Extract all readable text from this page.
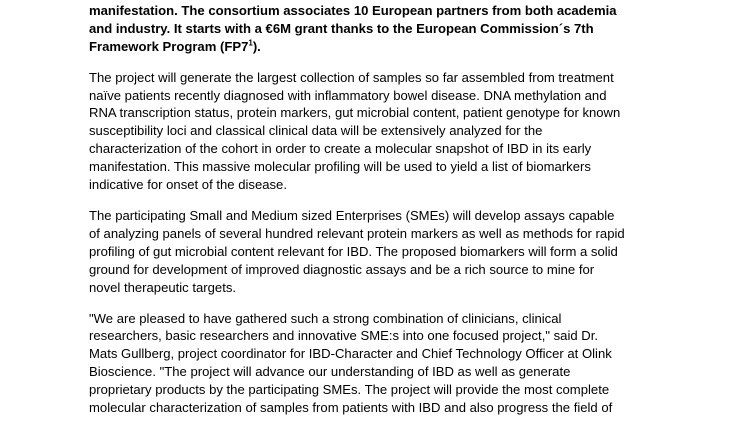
manifestation. The consortium associates 10 European partners from both academia
and industry. It starts with a €6M grant thanks to the European Commission´s 7th
Framework Program $(FP7^1)$.

The project will generate the largest collection of samples so far assembled from treatment
naïve patients recently diagnosed with inflammatory bowel disease. DNA methylation and
RNA transcription status, protein markers, gut microbial content, patient genotype for known
susceptibility loci and classical clinical data will be extensively analyzed for the
characterization of the cohort in order to create a molecular snapshot of IBD in its early
manifestation. This massive molecular profiling will be used to yield a list of biomarkers
indicative for onset of the disease.

The participating Small and Medium sized Enterprises (SMEs) will develop assays capable
of analyzing panels of several hundred relevant protein markers as well as methods for rapid
profiling of gut microbial content relevant for IBD. The proposed biomarkers will form a solid
ground for development of improved diagnostic assays and be a rich source to mine for
novel therapeutic targets.

"We are pleased to have gathered such a strong combination of clinicians, clinical
researchers, basic researchers and innovative SME:s into one focused project," said Dr.
Mats Gullberg, project coordinator for IBD-Character and Chief Technology Officer at Olink
Bioscience. "The project will advance our understanding of IBD as well as generate
proprietary products by the participating SMEs. The project will provide the most complete
molecular characterization of samples from patients with IBD and also progress the field of
